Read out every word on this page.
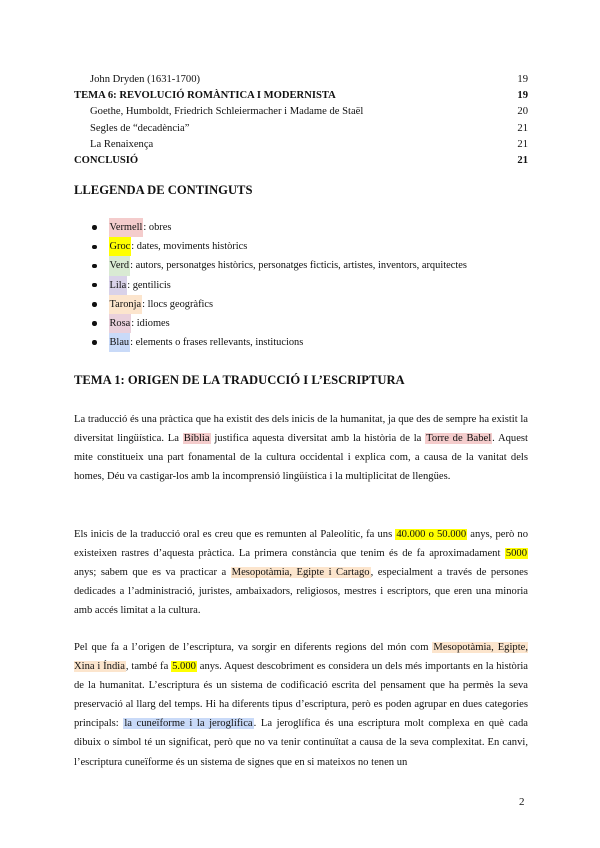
John Dryden (1631-1700)	19
TEMA 6: REVOLUCIÓ ROMÀNTICA I MODERNISTA	19
Goethe, Humboldt, Friedrich Schleiermacher i Madame de Staël	20
Segles de “decadència”	21
La Renaixença	21
CONCLUSIÓ	21
LLEGENDA DE CONTINGUTS
Vermell : obres
Groc : dates, moviments històrics
Verd : autors, personatges històrics, personatges ficticis, artistes, inventors, arquitectes
Lila : gentilicis
Taronja : llocs geogràfics
Rosa : idiomes
Blau : elements o frases rellevants, institucions
TEMA 1: ORIGEN DE LA TRADUCCIÓ I L’ESCRIPTURA

La traducció és una pràctica que ha existit des dels inicis de la humanitat, ja que des de sempre ha existit la diversitat lingüística. La Bíblia justifica aquesta diversitat amb la història de la Torre de Babel. Aquest mite constitueix una part fonamental de la cultura occidental i explica com, a causa de la vanitat dels homes, Déu va castigar-los amb la incomprensió lingüística i la multiplicitat de llengües.

Els inicis de la traducció oral es creu que es remunten al Paleolític, fa uns 40.000 o 50.000 anys, però no existeixen rastres d’aquesta pràctica. La primera constància que tenim és de fa aproximadament 5000 anys; sabem que es va practicar a Mesopotàmia, Egipte i Cartago, especialment a través de persones dedicades a l’administració, juristes, ambaixadors, religiosos, mestres i escriptors, que eren una minoria amb accés limitat a la cultura.

Pel que fa a l’origen de l’escriptura, va sorgir en diferents regions del món com Mesopotàmia, Egipte, Xina i Índia, també fa 5.000 anys. Aquest descobriment es considera un dels més importants en la història de la humanitat. L’escriptura és un sistema de codificació escrita del pensament que ha permès la seva preservació al llarg del temps. Hi ha diferents tipus d’escriptura, però es poden agrupar en dues categories principals: la cuneïforme i la jeroglífica. La jeroglífica és una escriptura molt complexa en què cada dibuix o símbol té un significat, però que no va tenir continuïtat a causa de la seva complexitat. En canvi, l’escriptura cuneïforme és un sistema de signes que en si mateixos no tenen un

2
